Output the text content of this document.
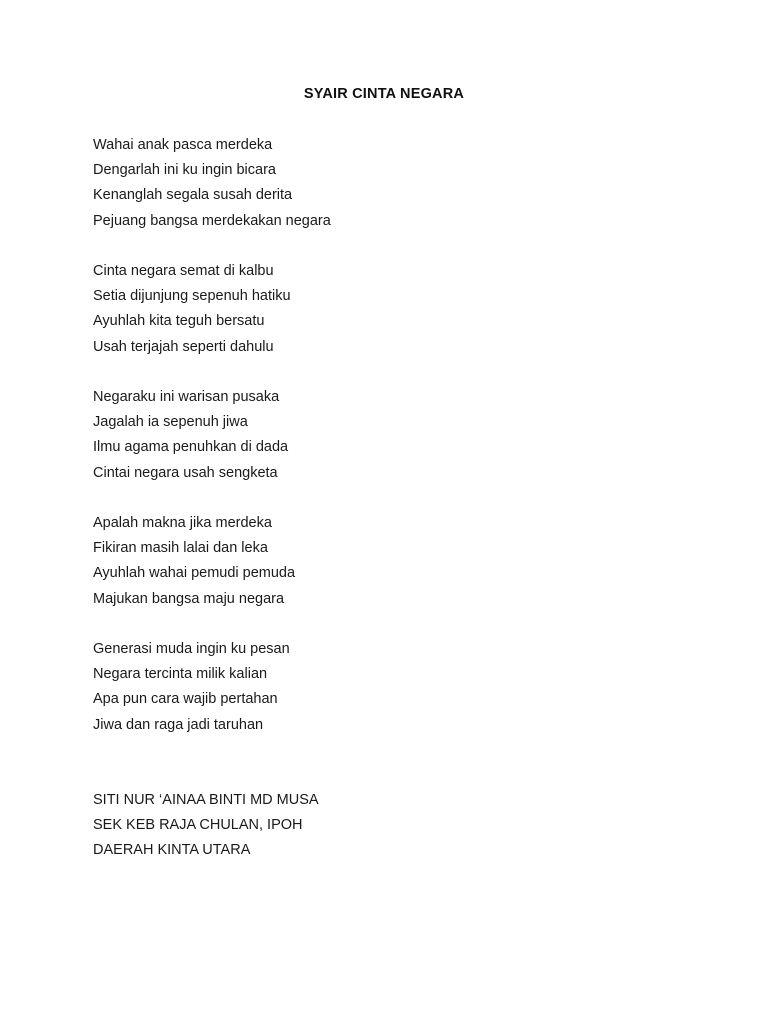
SYAIR CINTA NEGARA
Wahai anak pasca merdeka
Dengarlah ini ku ingin bicara
Kenanglah segala susah derita
Pejuang bangsa merdekakan negara
Cinta negara semat di kalbu
Setia dijunjung sepenuh hatiku
Ayuhlah kita teguh bersatu
Usah terjajah seperti dahulu
Negaraku ini warisan pusaka
Jagalah ia sepenuh jiwa
Ilmu agama penuhkan di dada
Cintai negara usah sengketa
Apalah makna jika merdeka
Fikiran masih lalai dan leka
Ayuhlah wahai pemudi pemuda
Majukan bangsa maju negara
Generasi muda ingin ku pesan
Negara tercinta milik kalian
Apa pun cara wajib pertahan
Jiwa dan raga jadi taruhan
SITI NUR ‘AINAA BINTI MD MUSA
SEK KEB RAJA CHULAN, IPOH
DAERAH KINTA UTARA
